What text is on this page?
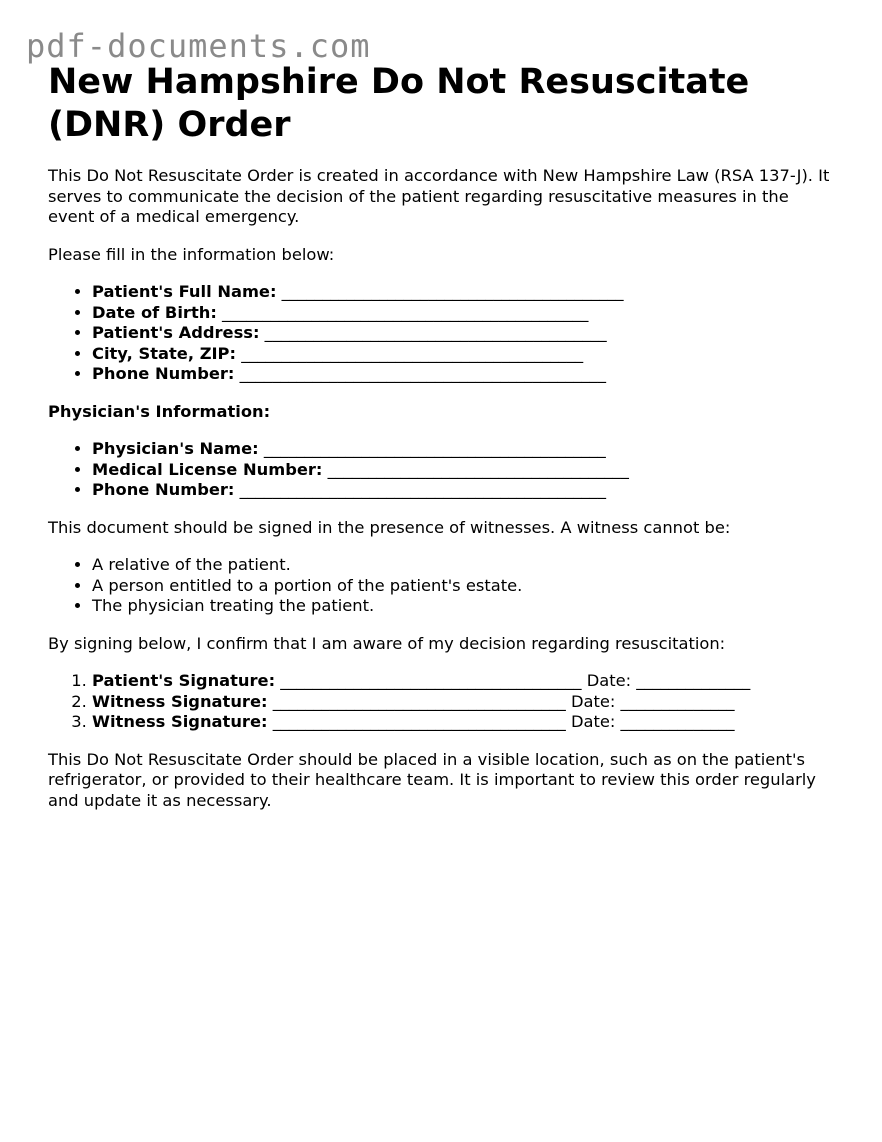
pdf-documents.com
New Hampshire Do Not Resuscitate (DNR) Order

This Do Not Resuscitate Order is created in accordance with New Hampshire Law (RSA 137-J). It serves to communicate the decision of the patient regarding resuscitative measures in the event of a medical emergency.

Please fill in the information below:

• Patient's Full Name: __________________________________________
• Date of Birth: _____________________________________________
• Patient's Address: __________________________________________
• City, State, ZIP: __________________________________________
• Phone Number: _____________________________________________

Physician's Information:

• Physician's Name: __________________________________________
• Medical License Number: _____________________________________
• Phone Number: _____________________________________________

This document should be signed in the presence of witnesses. A witness cannot be:

• A relative of the patient.
• A person entitled to a portion of the patient's estate.
• The physician treating the patient.

By signing below, I confirm that I am aware of my decision regarding resuscitation:

1. Patient's Signature: _____________________________________ Date: ______________
2. Witness Signature: ____________________________________ Date: ______________
3. Witness Signature: ____________________________________ Date: ______________

This Do Not Resuscitate Order should be placed in a visible location, such as on the patient's refrigerator, or provided to their healthcare team. It is important to review this order regularly and update it as necessary.
